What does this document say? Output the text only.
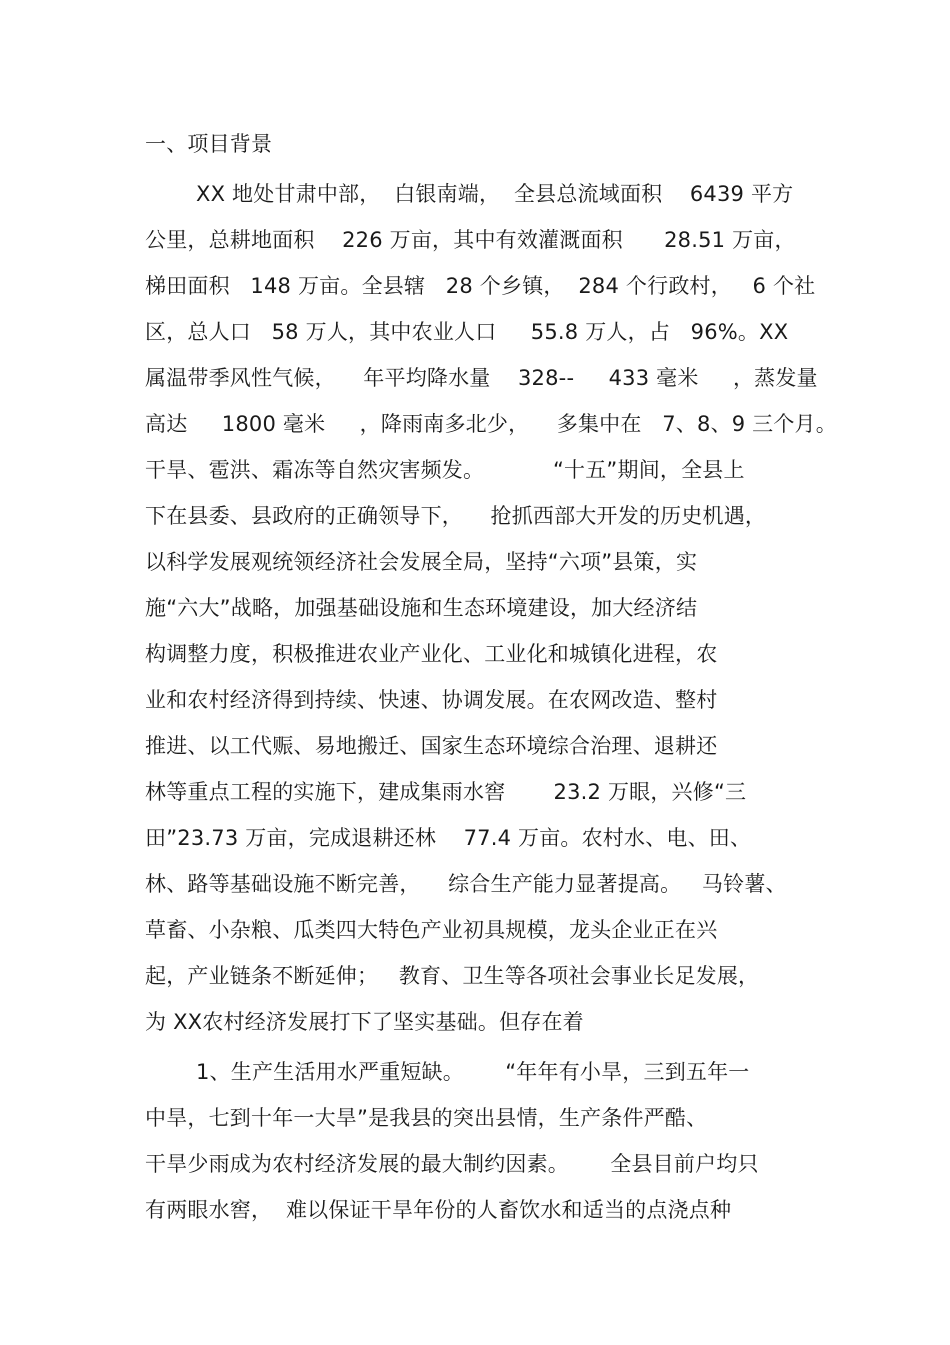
一、项目背景
XX 地处甘肃中部，  白银南端，  全县总流域面积    6439 平方
公里，总耕地面积    226 万亩，其中有效灌溉面积      28.51 万亩，
梯田面积   148 万亩。全县辖   28 个乡镇，  284 个行政村，   6 个社
区，总人口   58 万人，其中农业人口     55.8 万人，占   96%。XX
属温带季风性气候，    年平均降水量    328--     433 毫米     ，蒸发量
高达     1800 毫米     ，降雨南多北少，    多集中在   7、8、9 三个月。
干旱、雹洪、霜冻等自然灾害频发。          “十五”期间，全县上
下在县委、县政府的正确领导下，    抢抓西部大开发的历史机遇，
以科学发展观统领经济社会发展全局，坚持“六项”县策，实
施“六大”战略，加强基础设施和生态环境建设，加大经济结
构调整力度，积极推进农业产业化、工业化和城镇化进程，农
业和农村经济得到持续、快速、协调发展。在农网改造、整村
推进、以工代赈、易地搬迁、国家生态环境综合治理、退耕还
林等重点工程的实施下，建成集雨水窖       23.2 万眼，兴修“三
田”23.73 万亩，完成退耕还林    77.4 万亩。农村水、电、田、
林、路等基础设施不断完善，    综合生产能力显著提高。   马铃薯、
草畜、小杂粮、瓜类四大特色产业初具规模，龙头企业正在兴
起，产业链条不断延伸；   教育、卫生等各项社会事业长足发展，
为 XX农村经济发展打下了坚实基础。但存在着
1、生产生活用水严重短缺。      “年年有小旱，三到五年一
中旱，七到十年一大旱”是我县的突出县情，生产条件严酷、
干旱少雨成为农村经济发展的最大制约因素。      全县目前户均只
有两眼水窖，  难以保证干旱年份的人畜饮水和适当的点浇点种
